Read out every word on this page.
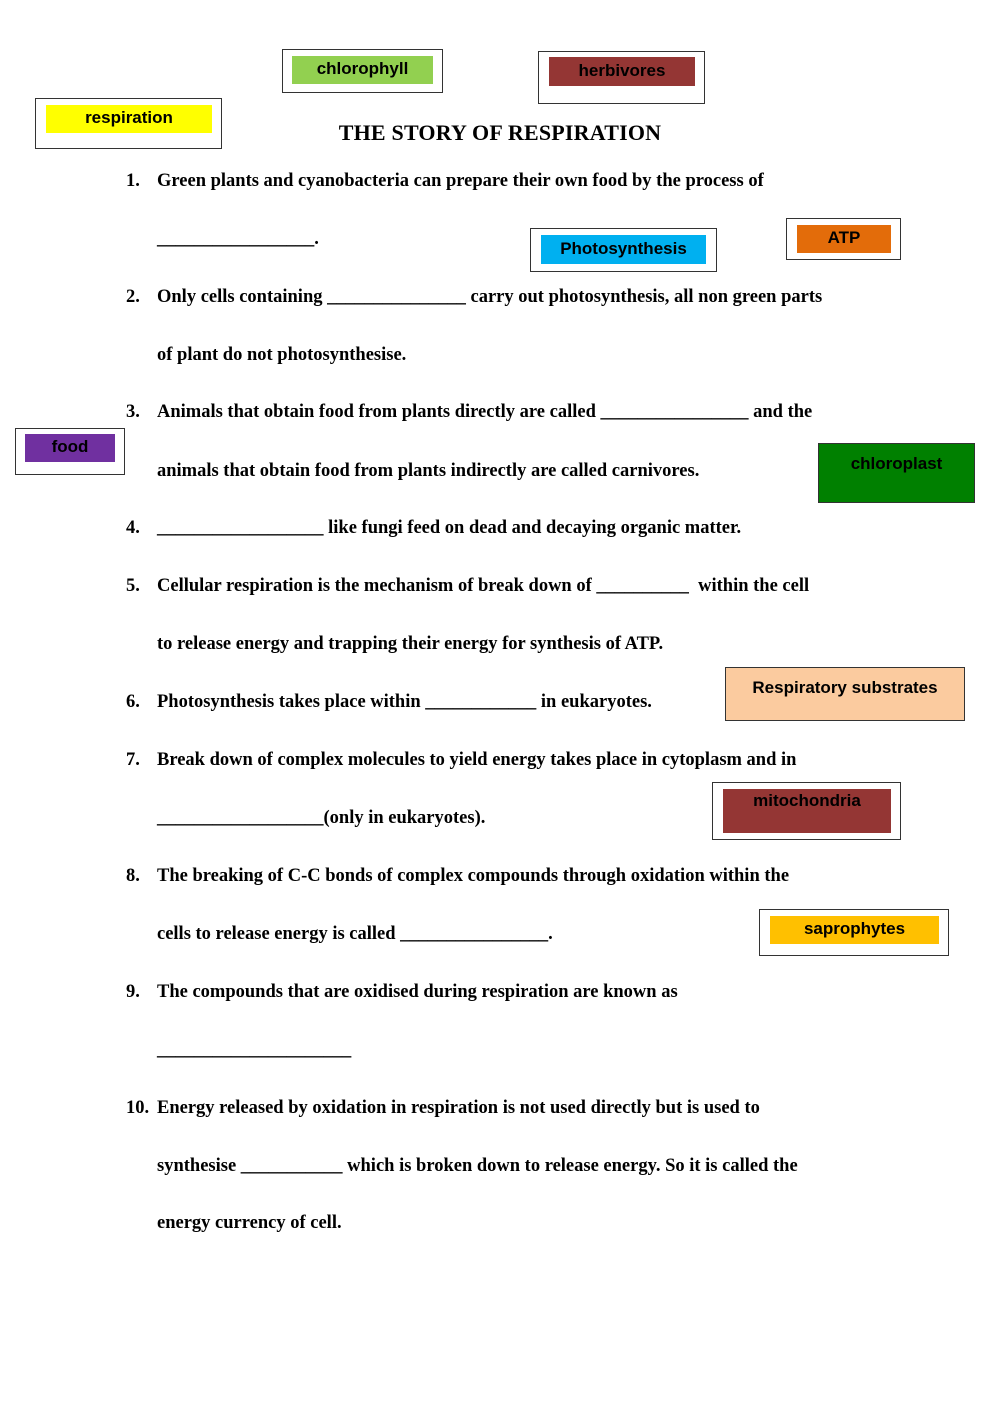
THE STORY OF RESPIRATION
chlorophyll	herbivores
respiration
Photosynthesis
ATP
food
chloroplast
Respiratory substrates
mitochondria
saprophytes
1. Green plants and cyanobacteria can prepare their own food by the process of
_________________.
2. Only cells containing _______________ carry out photosynthesis, all non green parts
of plant do not photosynthesise.
3. Animals that obtain food from plants directly are called ________________ and the
animals that obtain food from plants indirectly are called carnivores.
4. __________________ like fungi feed on dead and decaying organic matter.
5. Cellular respiration is the mechanism of break down of __________  within the cell
to release energy and trapping their energy for synthesis of ATP.
6. Photosynthesis takes place within ____________ in eukaryotes.
7. Break down of complex molecules to yield energy takes place in cytoplasm and in
__________________(only in eukaryotes).
8. The breaking of C-C bonds of complex compounds through oxidation within the
cells to release energy is called ________________.
9. The compounds that are oxidised during respiration are known as
_____________________
10. Energy released by oxidation in respiration is not used directly but is used to
synthesise ___________ which is broken down to release energy. So it is called the
energy currency of cell.
